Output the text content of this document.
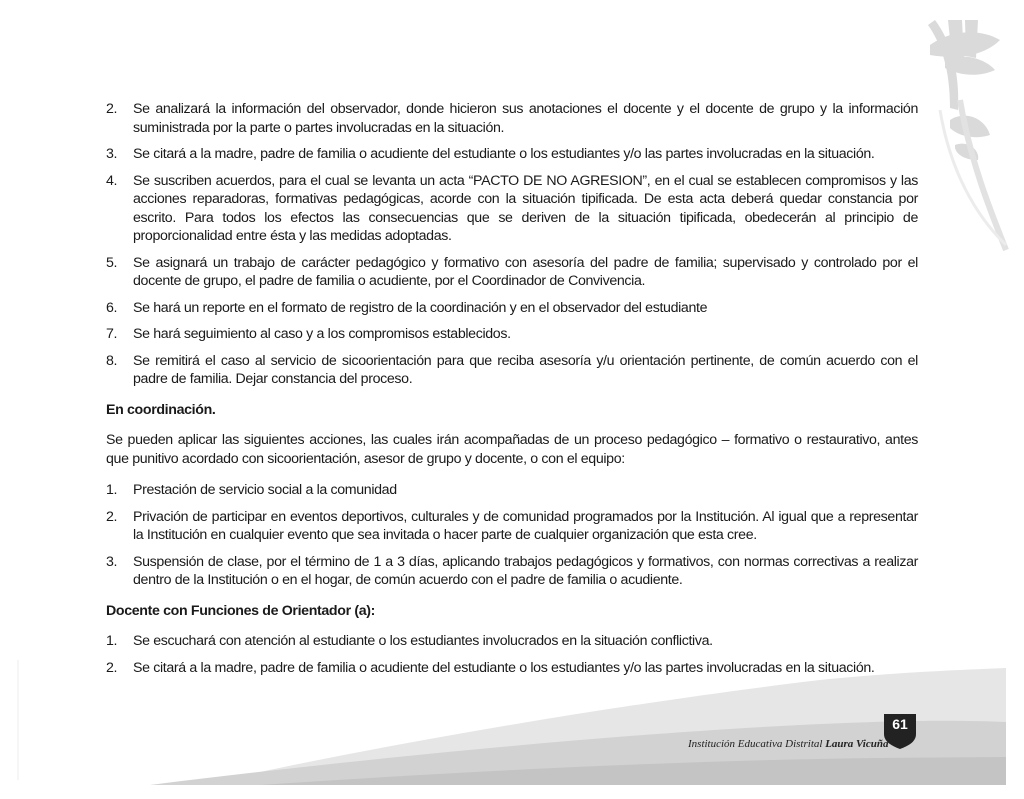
2. Se analizará la información del observador, donde hicieron sus anotaciones el docente y el docente de grupo y la información suministrada por la parte o partes involucradas en la situación.
3. Se citará a la madre, padre de familia o acudiente del estudiante o los estudiantes y/o las partes involucradas en la situación.
4. Se suscriben acuerdos, para el cual se levanta un acta “PACTO DE NO AGRESION”, en el cual se establecen compromisos y las acciones reparadoras, formativas pedagógicas, acorde con la situación tipificada. De esta acta deberá quedar constancia por escrito. Para todos los efectos las consecuencias que se deriven de la situación tipificada, obedecerán al principio de proporcionalidad entre ésta y las medidas adoptadas.
5. Se asignará un trabajo de carácter pedagógico y formativo con asesoría del padre de familia; supervisado y controlado por el docente de grupo, el padre de familia o acudiente, por el Coordinador de Convivencia.
6. Se hará un reporte en el formato de registro de la coordinación y en el observador del estudiante
7. Se hará seguimiento al caso y a los compromisos establecidos.
8. Se remitirá el caso al servicio de sicoorientación para que reciba asesoría y/u orientación pertinente, de común acuerdo con el padre de familia. Dejar constancia del proceso.
En coordinación.

Se pueden aplicar las siguientes acciones, las cuales irán acompañadas de un proceso pedagógico – formativo o restaurativo, antes que punitivo acordado con sicoorientación, asesor de grupo y docente, o con el equipo:

1. Prestación de servicio social a la comunidad
2. Privación de participar en eventos deportivos, culturales y de comunidad programados por la Institución. Al igual que a representar la Institución en cualquier evento que sea invitada o hacer parte de cualquier organización que esta cree.
3. Suspensión de clase, por el término de 1 a 3 días, aplicando trabajos pedagógicos y formativos, con normas correctivas a realizar dentro de la Institución o en el hogar, de común acuerdo con el padre de familia o acudiente.
Docente con Funciones de Orientador (a):
1. Se escuchará con atención al estudiante o los estudiantes involucrados en la situación conflictiva.
2. Se citará a la madre, padre de familia o acudiente del estudiante o los estudiantes y/o las partes involucradas en la situación.
Institución Educativa Distrital Laura Vicuña
61
